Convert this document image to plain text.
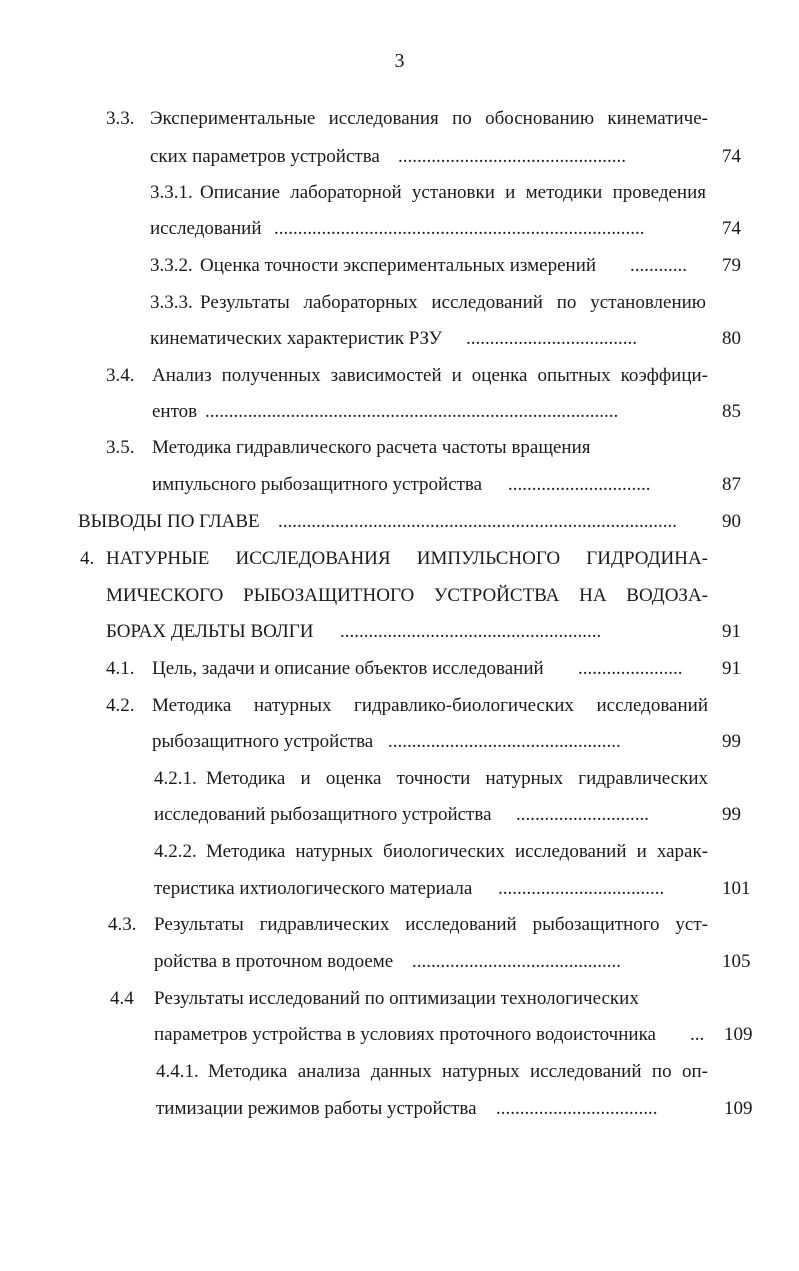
3
3.3. Экспериментальные исследования по обоснованию кинематиче-
ских параметров устройства ................................................	74
3.3.1. Описание лабораторной установки и методики проведения
исследований ..............................................................................	74
3.3.2. Оценка точности экспериментальных измерений ............	79
3.3.3. Результаты лабораторных исследований по установлению
кинематических характеристик РЗУ ....................................	80
3.4. Анализ полученных зависимостей и оценка опытных коэффици-
ентов .......................................................................................	85
3.5. Методика гидравлического расчета частоты вращения
импульсного рыбозащитного устройства ..............................	87
ВЫВОДЫ ПО ГЛАВЕ ....................................................................................	90
4. НАТУРНЫЕ ИССЛЕДОВАНИЯ ИМПУЛЬСНОГО ГИДРОДИНА-
МИЧЕСКОГО РЫБОЗАЩИТНОГО УСТРОЙСТВА НА ВОДОЗА-
БОРАХ ДЕЛЬТЫ ВОЛГИ .......................................................	91
4.1. Цель, задачи и описание объектов исследований ......................	91
4.2. Методика натурных гидравлико-биологических исследований
рыбозащитного устройства .................................................	99
4.2.1. Методика и оценка точности натурных гидравлических
исследований рыбозащитного устройства ............................	99
4.2.2. Методика натурных биологических исследований и харак-
теристика ихтиологического материала ...................................	101
4.3. Результаты гидравлических исследований рыбозащитного уст-
ройства в проточном водоеме ............................................	105
4.4 Результаты исследований по оптимизации технологических
параметров устройства в условиях проточного водоисточника ...	109
4.4.1. Методика анализа данных натурных исследований по оп-
тимизации режимов работы устройства ..................................	109
